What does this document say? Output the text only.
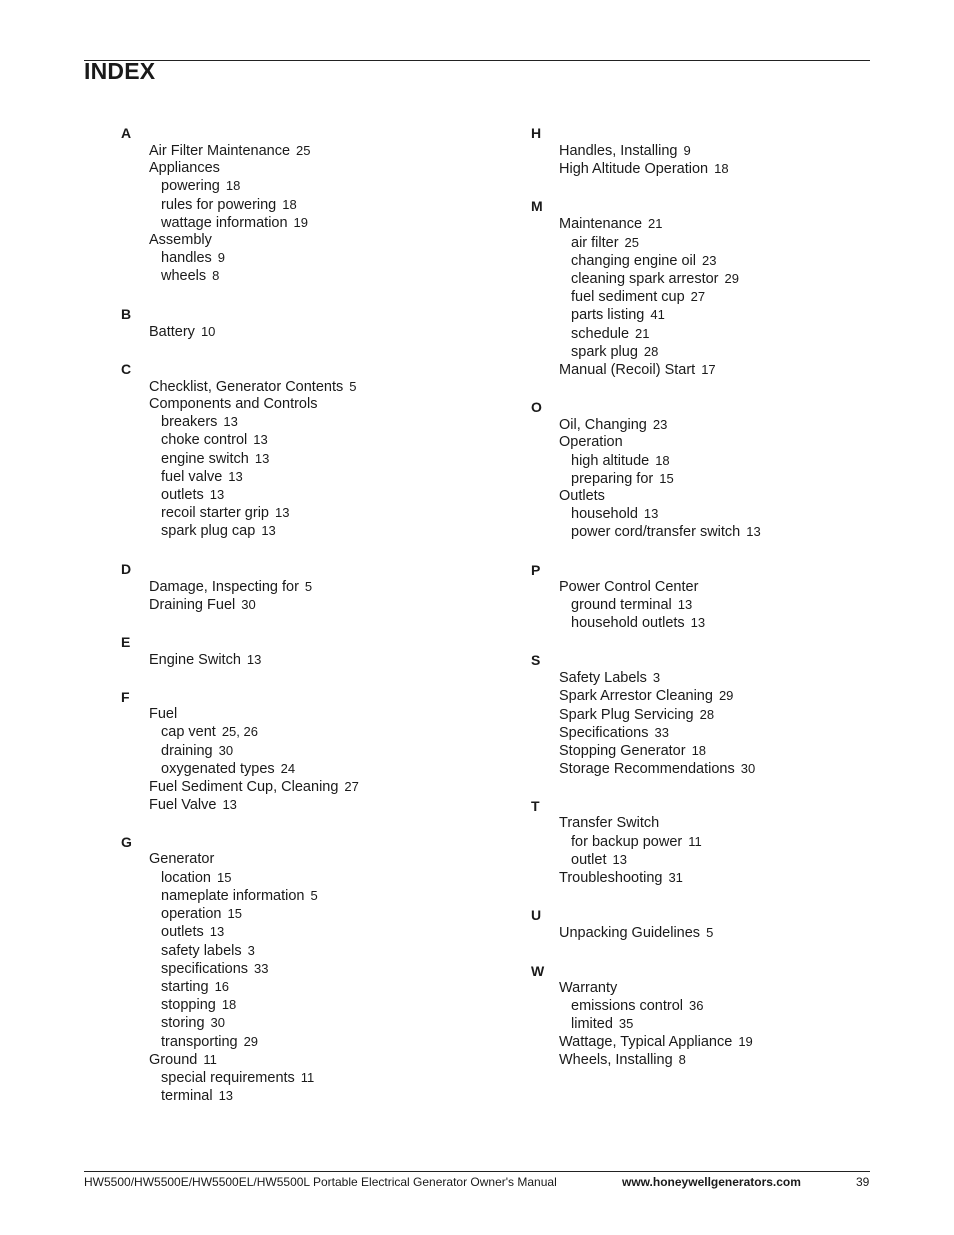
INDEX
A
Air Filter Maintenance 25
Appliances
powering 18
rules for powering 18
wattage information 19
Assembly
handles 9
wheels 8
B
Battery 10
C
Checklist, Generator Contents 5
Components and Controls
breakers 13
choke control 13
engine switch 13
fuel valve 13
outlets 13
recoil starter grip 13
spark plug cap 13
D
Damage, Inspecting for 5
Draining Fuel 30
E
Engine Switch 13
F
Fuel
cap vent 25, 26
draining 30
oxygenated types 24
Fuel Sediment Cup, Cleaning 27
Fuel Valve 13
G
Generator
location 15
nameplate information 5
operation 15
outlets 13
safety labels 3
specifications 33
starting 16
stopping 18
storing 30
transporting 29
Ground 11
special requirements 11
terminal 13
H
Handles, Installing 9
High Altitude Operation 18
M
Maintenance 21
air filter 25
changing engine oil 23
cleaning spark arrestor 29
fuel sediment cup 27
parts listing 41
schedule 21
spark plug 28
Manual (Recoil) Start 17
O
Oil, Changing 23
Operation
high altitude 18
preparing for 15
Outlets
household 13
power cord/transfer switch 13
P
Power Control Center
ground terminal 13
household outlets 13
S
Safety Labels 3
Spark Arrestor Cleaning 29
Spark Plug Servicing 28
Specifications 33
Stopping Generator 18
Storage Recommendations 30
T
Transfer Switch
for backup power 11
outlet 13
Troubleshooting 31
U
Unpacking Guidelines 5
W
Warranty
emissions control 36
limited 35
Wattage, Typical Appliance 19
Wheels, Installing 8
HW5500/HW5500E/HW5500EL/HW5500L Portable Electrical Generator Owner's Manual	www.honeywellgenerators.com	39
